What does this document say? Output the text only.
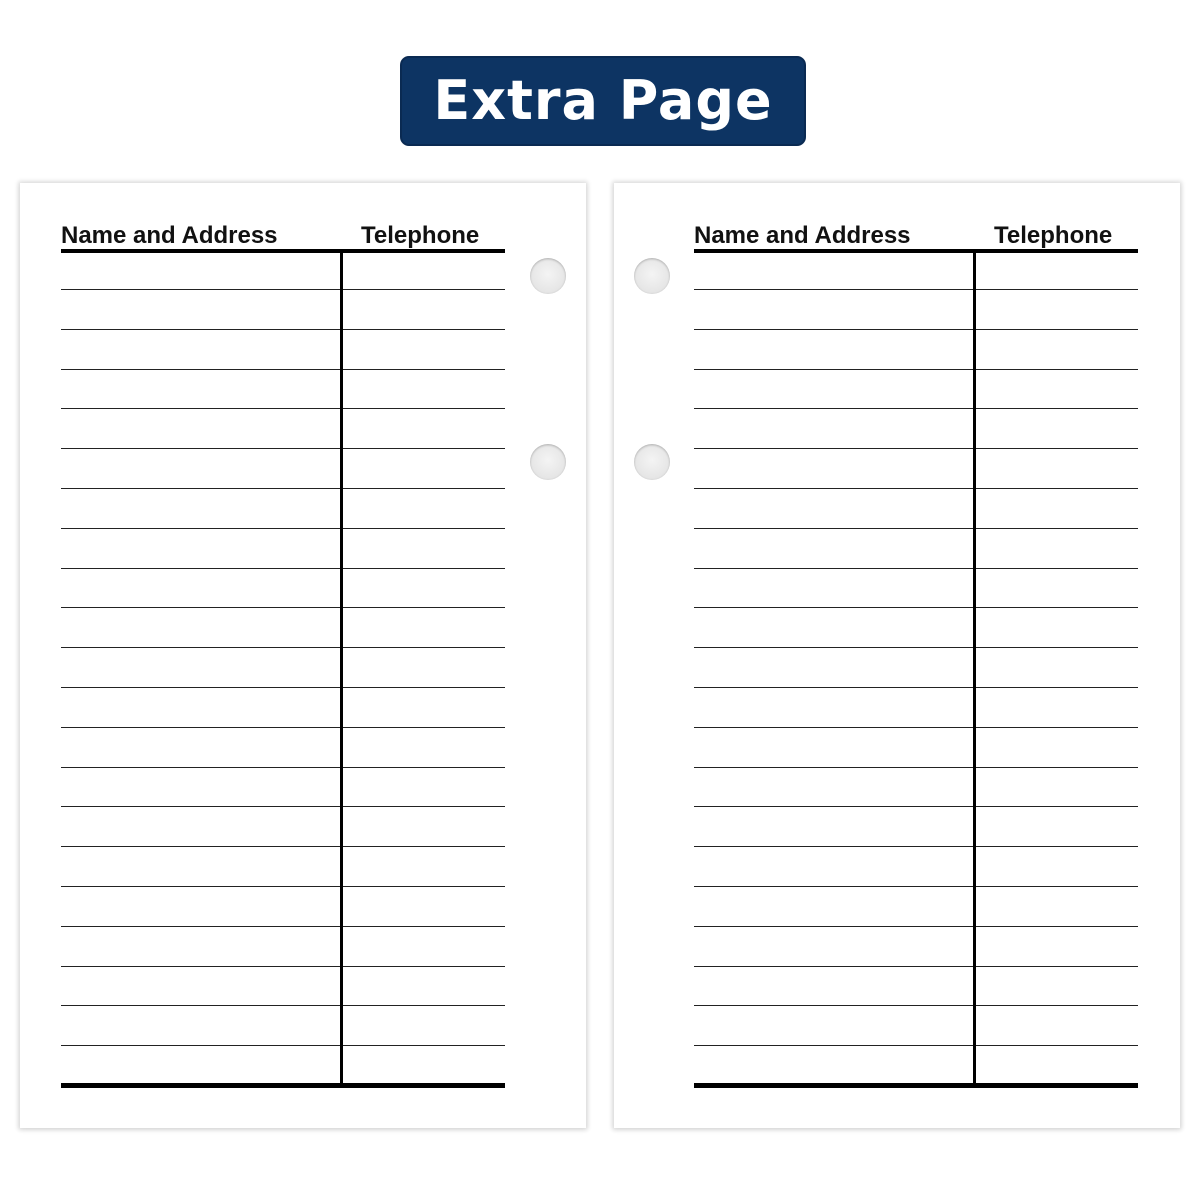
Extra Page
Name and Address	Telephone	Name and Address	Telephone
